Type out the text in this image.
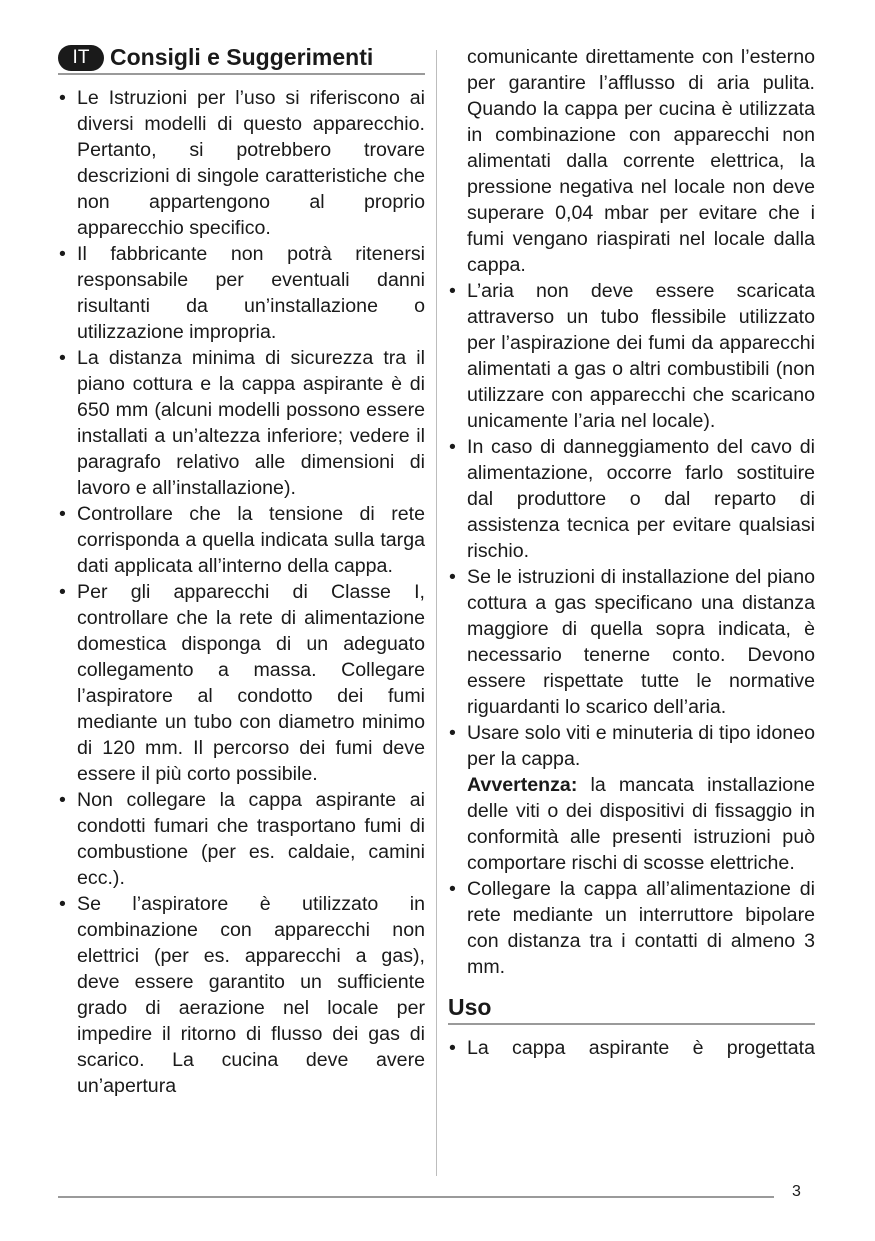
IT Consigli e Suggerimenti
• Le Istruzioni per l’uso si riferiscono ai diversi modelli di questo apparecchio. Pertanto, si potrebbero trovare descrizioni di singole caratteristiche che non appartengono al proprio apparecchio specifico.
• Il fabbricante non potrà ritenersi responsabile per eventuali danni risultanti da un’installazione o utilizzazione impropria.
• La distanza minima di sicurezza tra il piano cottura e la cappa aspirante è di 650 mm (alcuni modelli possono essere installati a un’altezza inferiore; vedere il paragrafo relativo alle dimensioni di lavoro e all’installazione).
• Controllare che la tensione di rete corrisponda a quella indicata sulla targa dati applicata all’interno della cappa.
• Per gli apparecchi di Classe I, controllare che la rete di alimentazione domestica disponga di un adeguato collegamento a massa. Collegare l’aspiratore al condotto dei fumi mediante un tubo con diametro minimo di 120 mm. Il percorso dei fumi deve essere il più corto possibile.
• Non collegare la cappa aspirante ai condotti fumari che trasportano fumi di combustione (per es. caldaie, camini ecc.).
• Se l’aspiratore è utilizzato in combinazione con apparecchi non elettrici (per es. apparecchi a gas), deve essere garantito un sufficiente grado di aerazione nel locale per impedire il ritorno di flusso dei gas di scarico. La cucina deve avere un’apertura
comunicante direttamente con l’esterno per garantire l’afflusso di aria pulita. Quando la cappa per cucina è utilizzata in combinazione con apparecchi non alimentati dalla corrente elettrica, la pressione negativa nel locale non deve superare 0,04 mbar per evitare che i fumi vengano riaspirati nel locale dalla cappa.
• L’aria non deve essere scaricata attraverso un tubo flessibile utilizzato per l’aspirazione dei fumi da apparecchi alimentati a gas o altri combustibili (non utilizzare con apparecchi che scaricano unicamente l’aria nel locale).
• In caso di danneggiamento del cavo di alimentazione, occorre farlo sostituire dal produttore o dal reparto di assistenza tecnica per evitare qualsiasi rischio.
• Se le istruzioni di installazione del piano cottura a gas specificano una distanza maggiore di quella sopra indicata, è necessario tenerne conto. Devono essere rispettate tutte le normative riguardanti lo scarico dell’aria.
• Usare solo viti e minuteria di tipo idoneo per la cappa.
Avvertenza: la mancata installazione delle viti o dei dispositivi di fissaggio in conformità alle presenti istruzioni può comportare rischi di scosse elettriche.
• Collegare la cappa all’alimentazione di rete mediante un interruttore bipolare con distanza tra i contatti di almeno 3 mm.
Uso
• La cappa aspirante è progettata
3
